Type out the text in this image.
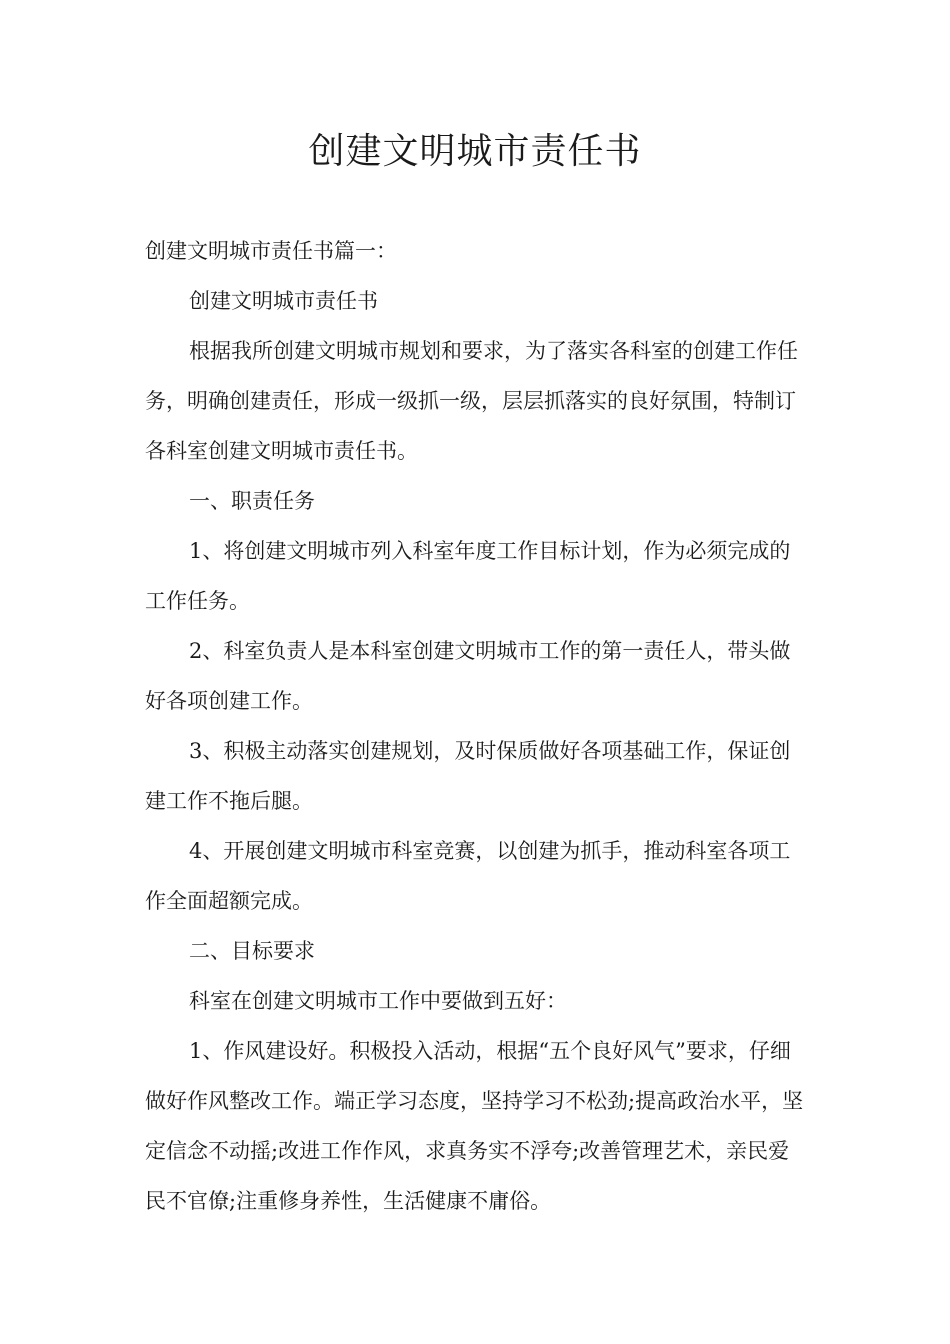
创建文明城市责任书

创建文明城市责任书篇一：

创建文明城市责任书

根据我所创建文明城市规划和要求，为了落实各科室的创建工作任务，明确创建责任，形成一级抓一级，层层抓落实的良好氛围，特制订各科室创建文明城市责任书。

一、职责任务

1、将创建文明城市列入科室年度工作目标计划，作为必须完成的工作任务。

2、科室负责人是本科室创建文明城市工作的第一责任人，带头做好各项创建工作。

3、积极主动落实创建规划，及时保质做好各项基础工作，保证创建工作不拖后腿。

4、开展创建文明城市科室竞赛，以创建为抓手，推动科室各项工作全面超额完成。

二、目标要求

科室在创建文明城市工作中要做到五好：

1、作风建设好。积极投入活动，根据“五个良好风气”要求，仔细做好作风整改工作。端正学习态度，坚持学习不松劲;提高政治水平，坚定信念不动摇;改进工作作风，求真务实不浮夸;改善管理艺术，亲民爱民不官僚;注重修身养性，生活健康不庸俗。
